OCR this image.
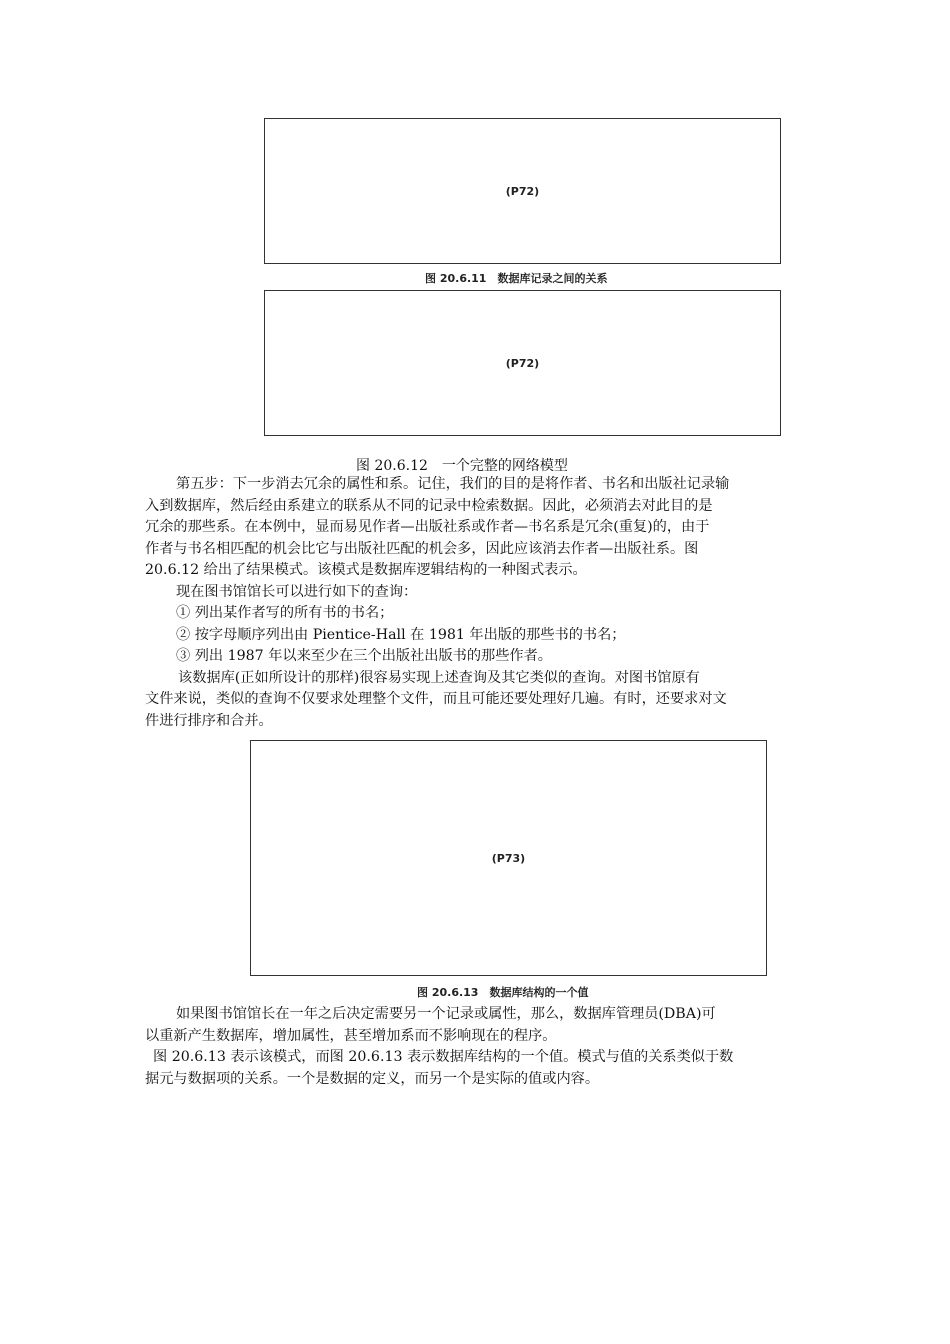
(P72)
图 20.6.11　数据库记录之间的关系
(P72)
图 20.6.12　一个完整的网络模型

第五步：下一步消去冗余的属性和系。记住，我们的目的是将作者、书名和出版社记录输

入到数据库，然后经由系建立的联系从不同的记录中检索数据。因此，必须消去对此目的是

冗余的那些系。在本例中，显而易见作者—出版社系或作者—书名系是冗余(重复)的，由于

作者与书名相匹配的机会比它与出版社匹配的机会多，因此应该消去作者—出版社系。图

20.6.12 给出了结果模式。该模式是数据库逻辑结构的一种图式表示。

现在图书馆馆长可以进行如下的查询：

① 列出某作者写的所有书的书名；

② 按字母顺序列出由 Pientice-Hall 在 1981 年出版的那些书的书名；

③ 列出 1987 年以来至少在三个出版社出版书的那些作者。

该数据库(正如所设计的那样)很容易实现上述查询及其它类似的查询。对图书馆原有

文件来说，类似的查询不仅要求处理整个文件，而且可能还要处理好几遍。有时，还要求对文

件进行排序和合并。

(P73)
图 20.6.13　数据库结构的一个值

如果图书馆馆长在一年之后决定需要另一个记录或属性，那么，数据库管理员(DBA)可

以重新产生数据库，增加属性，甚至增加系而不影响现在的程序。

图 20.6.13 表示该模式，而图 20.6.13 表示数据库结构的一个值。模式与值的关系类似于数

据元与数据项的关系。一个是数据的定义，而另一个是实际的值或内容。
